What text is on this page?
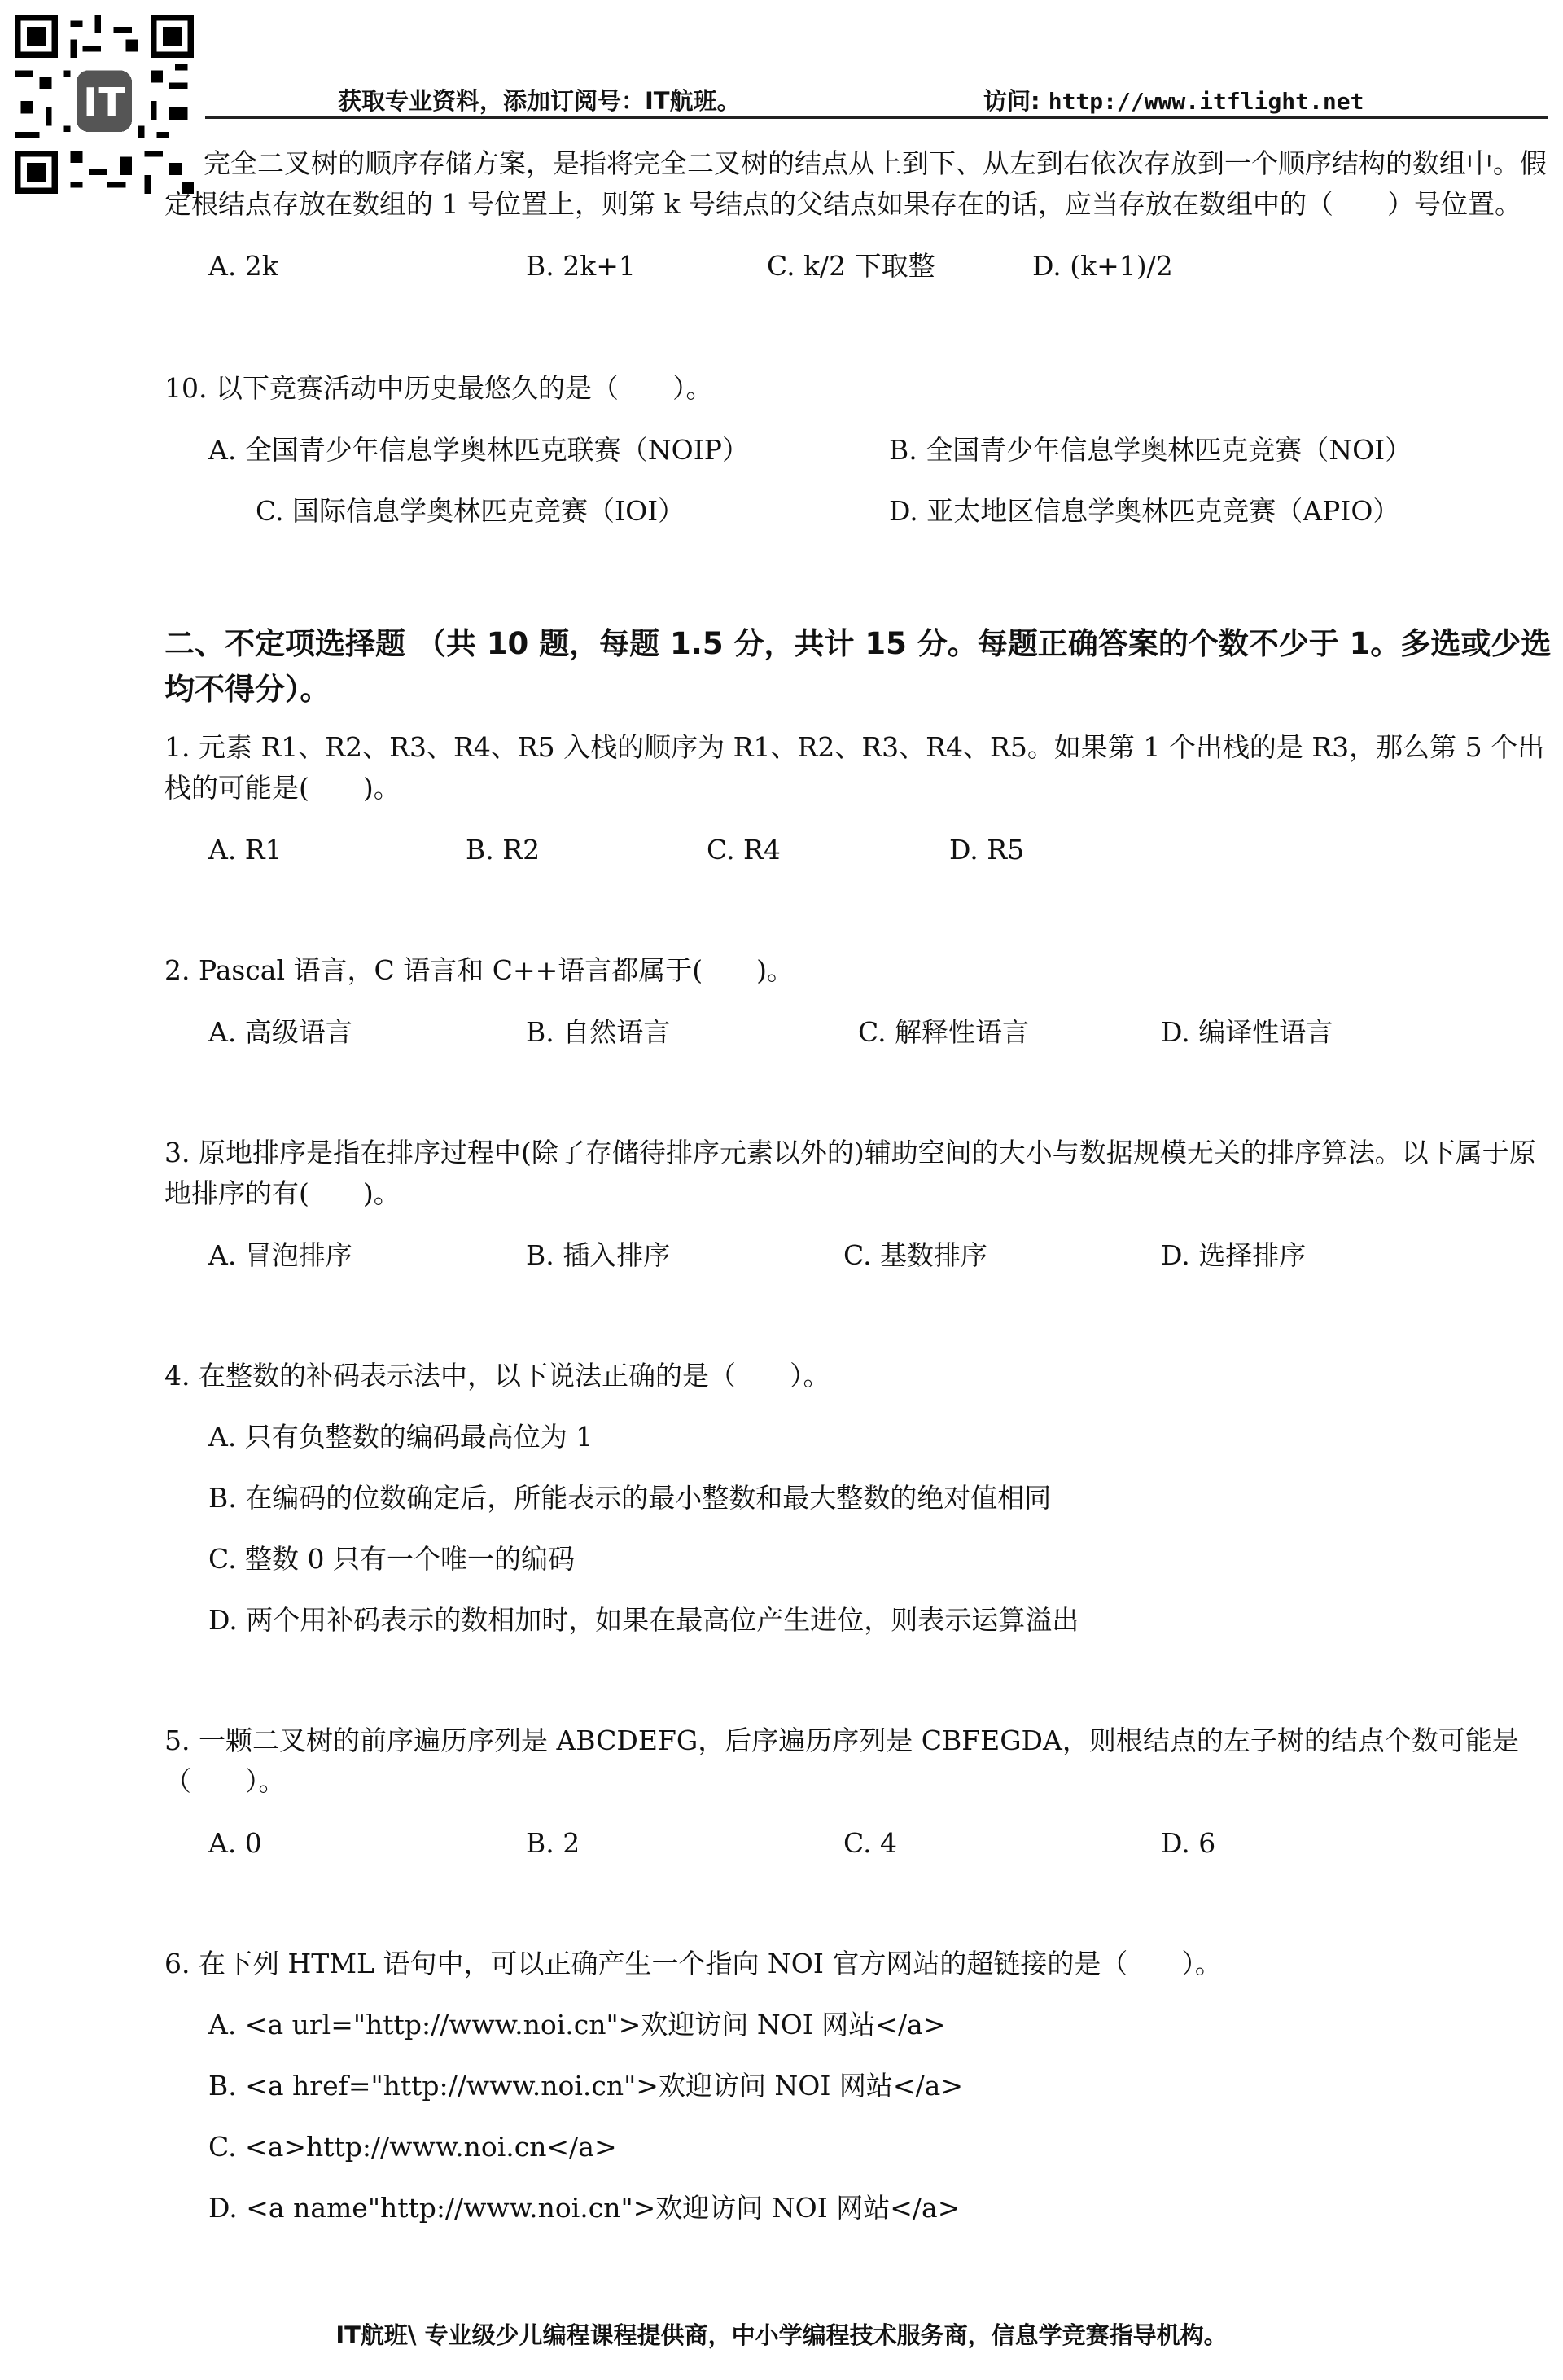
IT	获取专业资料，添加订阅号：IT航班。	访问: http://www.itflight.net

完全二叉树的顺序存储方案，是指将完全二叉树的结点从上到下、从左到右依次存放到一个顺序结构的数组中。假定根结点存放在数组的 1 号位置上，则第 k 号结点的父结点如果存在的话，应当存放在数组中的（　　）号位置。

A. 2k	B. 2k+1	C. k/2 下取整	D. (k+1)/2

10. 以下竞赛活动中历史最悠久的是（　　）。

A. 全国青少年信息学奥林匹克联赛（NOIP）	B. 全国青少年信息学奥林匹克竞赛（NOI）
C. 国际信息学奥林匹克竞赛（IOI）	D. 亚太地区信息学奥林匹克竞赛（APIO）

二、不定项选择题 （共 10 题，每题 1.5 分，共计 15 分。每题正确答案的个数不少于 1。多选或少选均不得分）。

1. 元素 R1、R2、R3、R4、R5 入栈的顺序为 R1、R2、R3、R4、R5。如果第 1 个出栈的是 R3，那么第 5 个出栈的可能是(　　)。

A. R1	B. R2	C. R4	D. R5

2. Pascal 语言，C 语言和 C++语言都属于(　　)。

A. 高级语言	B. 自然语言	C. 解释性语言	D. 编译性语言

3. 原地排序是指在排序过程中(除了存储待排序元素以外的)辅助空间的大小与数据规模无关的排序算法。以下属于原地排序的有(　　)。

A. 冒泡排序	B. 插入排序	C. 基数排序	D. 选择排序

4. 在整数的补码表示法中，以下说法正确的是（　　）。

A. 只有负整数的编码最高位为 1

B. 在编码的位数确定后，所能表示的最小整数和最大整数的绝对值相同

C. 整数 0 只有一个唯一的编码

D. 两个用补码表示的数相加时，如果在最高位产生进位，则表示运算溢出

5. 一颗二叉树的前序遍历序列是 ABCDEFG，后序遍历序列是 CBFEGDA，则根结点的左子树的结点个数可能是（　　）。

A. 0	B. 2	C. 4	D. 6

6. 在下列 HTML 语句中，可以正确产生一个指向 NOI 官方网站的超链接的是（　　）。

A. <a url="http://www.noi.cn">欢迎访问 NOI 网站</a>

B. <a href="http://www.noi.cn">欢迎访问 NOI 网站</a>

C. <a>http://www.noi.cn</a>

D. <a name"http://www.noi.cn">欢迎访问 NOI 网站</a>

IT航班\ 专业级少儿编程课程提供商，中小学编程技术服务商，信息学竞赛指导机构。
